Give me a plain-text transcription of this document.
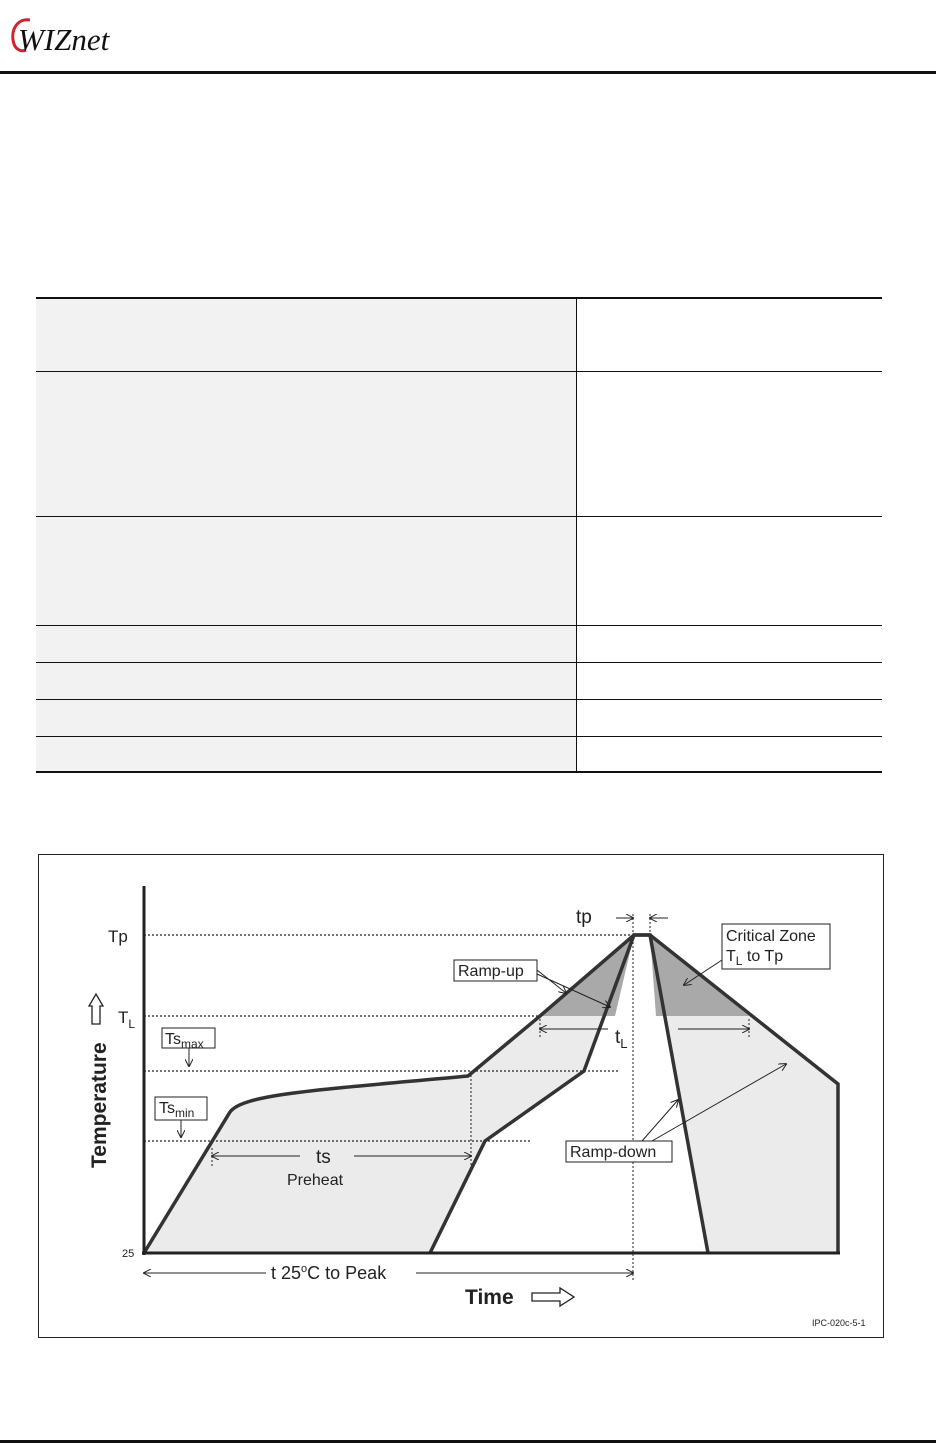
WIZnet

Tp
$T_L$
25
$Ts_{max}$
$Ts_{min}$
ts
Preheat
Ramp-up
tp
$t_L$
Critical Zone
$T_L$ to Tp
Ramp-down
t 25$^o$C to Peak
Temperature
Time
IPC-020c-5-1
